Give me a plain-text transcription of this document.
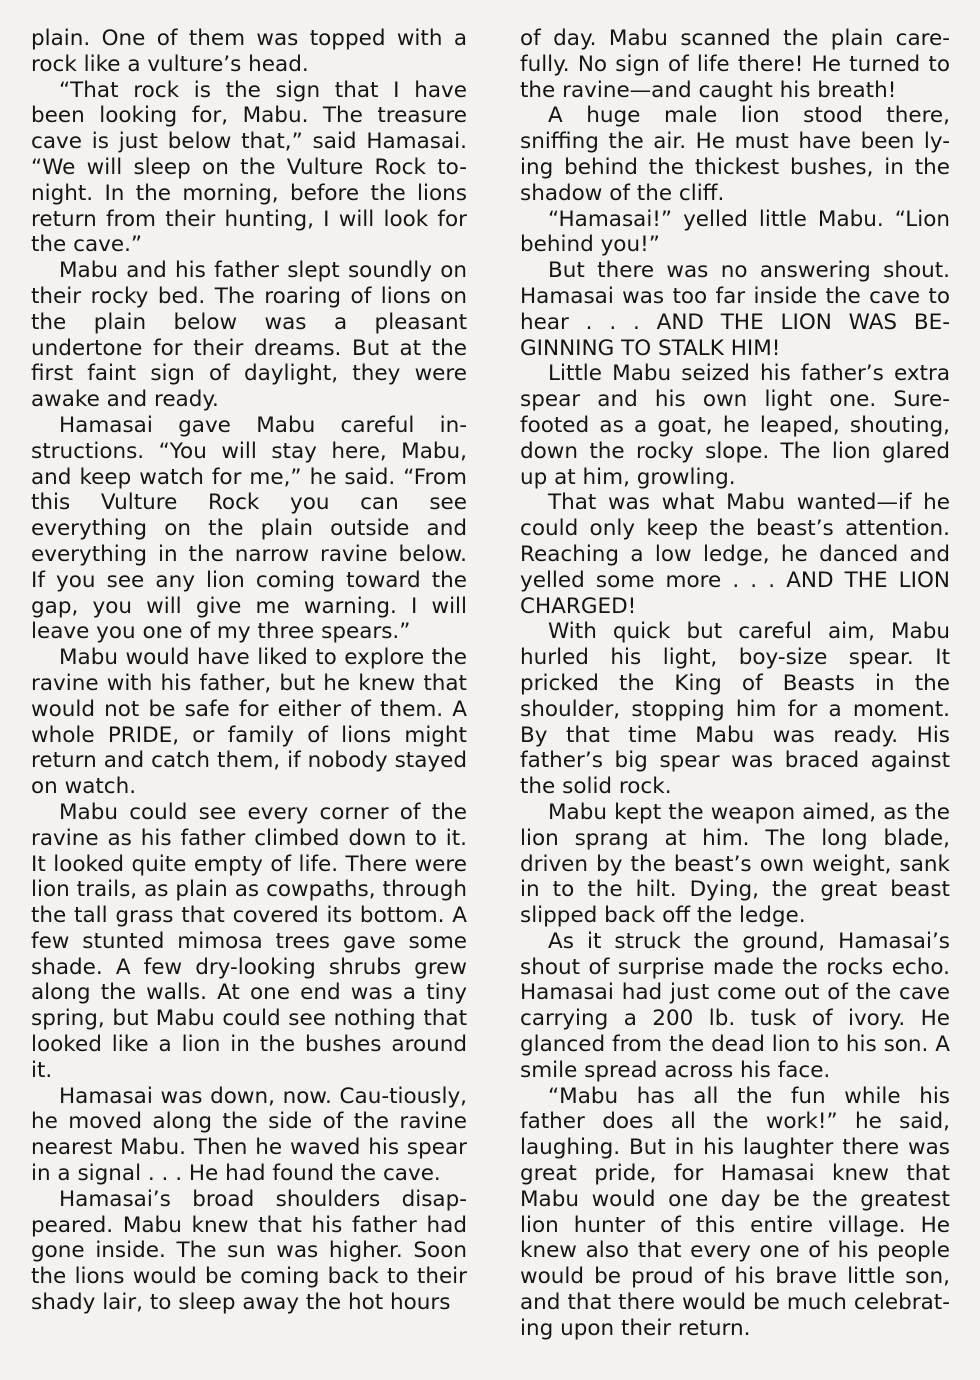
plain. One of them was topped with a rock like a vulture’s head.

“That rock is the sign that I have been looking for, Mabu. The treasure cave is just below that,” said Hamasai. “We will sleep on the Vulture Rock to-night. In the morning, before the lions return from their hunting, I will look for the cave.”

Mabu and his father slept soundly on their rocky bed. The roaring of lions on the plain below was a pleasant undertone for their dreams. But at the first faint sign of daylight, they were awake and ready.

Hamasai gave Mabu careful in-structions. “You will stay here, Mabu, and keep watch for me,” he said. “From this Vulture Rock you can see everything on the plain outside and everything in the narrow ravine below. If you see any lion coming toward the gap, you will give me warning. I will leave you one of my three spears.”

Mabu would have liked to explore the ravine with his father, but he knew that would not be safe for either of them. A whole PRIDE, or family of lions might return and catch them, if nobody stayed on watch.

Mabu could see every corner of the ravine as his father climbed down to it. It looked quite empty of life. There were lion trails, as plain as cowpaths, through the tall grass that covered its bottom. A few stunted mimosa trees gave some shade. A few dry-looking shrubs grew along the walls. At one end was a tiny spring, but Mabu could see nothing that looked like a lion in the bushes around it.

Hamasai was down, now. Cau-tiously, he moved along the side of the ravine nearest Mabu. Then he waved his spear in a signal . . . He had found the cave.

Hamasai’s broad shoulders disap-peared. Mabu knew that his father had gone inside. The sun was higher. Soon the lions would be coming back to their shady lair, to sleep away the hot hours

of day. Mabu scanned the plain care-fully. No sign of life there! He turned to the ravine—and caught his breath!

A huge male lion stood there, sniffing the air. He must have been ly-ing behind the thickest bushes, in the shadow of the cliff.

“Hamasai!” yelled little Mabu. “Lion behind you!”

But there was no answering shout. Hamasai was too far inside the cave to hear . . . AND THE LION WAS BE-GINNING TO STALK HIM!

Little Mabu seized his father’s extra spear and his own light one. Sure-footed as a goat, he leaped, shouting, down the rocky slope. The lion glared up at him, growling.

That was what Mabu wanted—if he could only keep the beast’s attention. Reaching a low ledge, he danced and yelled some more . . . AND THE LION CHARGED!

With quick but careful aim, Mabu hurled his light, boy-size spear. It pricked the King of Beasts in the shoulder, stopping him for a moment. By that time Mabu was ready. His father’s big spear was braced against the solid rock.

Mabu kept the weapon aimed, as the lion sprang at him. The long blade, driven by the beast’s own weight, sank in to the hilt. Dying, the great beast slipped back off the ledge.

As it struck the ground, Hamasai’s shout of surprise made the rocks echo. Hamasai had just come out of the cave carrying a 200 lb. tusk of ivory. He glanced from the dead lion to his son. A smile spread across his face.

“Mabu has all the fun while his father does all the work!” he said, laughing. But in his laughter there was great pride, for Hamasai knew that Mabu would one day be the greatest lion hunter of this entire village. He knew also that every one of his people would be proud of his brave little son, and that there would be much celebrat-ing upon their return.
